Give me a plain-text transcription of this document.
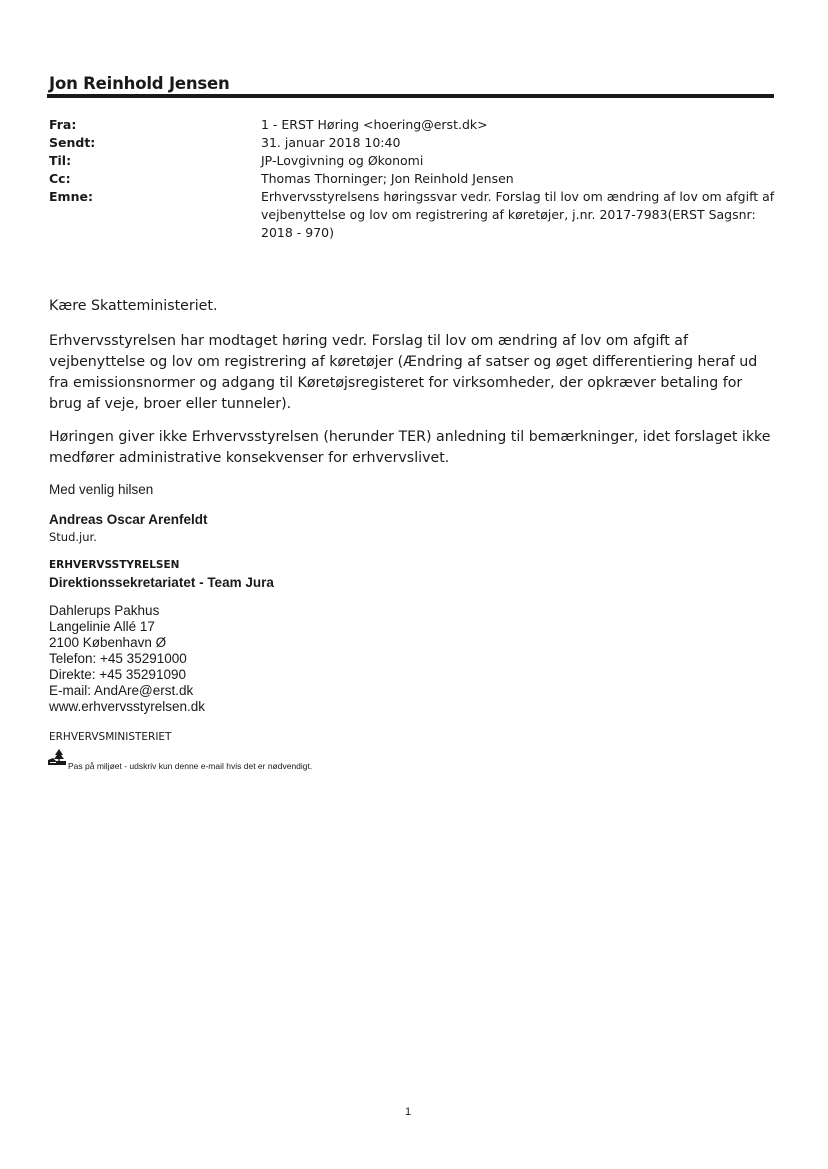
Jon Reinhold Jensen
Fra:	1 - ERST Høring <hoering@erst.dk>
Sendt:	31. januar 2018 10:40
Til:	JP-Lovgivning og Økonomi
Cc:	Thomas Thorninger; Jon Reinhold Jensen
Emne:	Erhvervsstyrelsens høringssvar vedr. Forslag til lov om ændring af lov om afgift af vejbenyttelse og lov om registrering af køretøjer, j.nr. 2017-7983(ERST Sagsnr: 2018 - 970)
Kære Skatteministeriet.
Erhvervsstyrelsen har modtaget høring vedr. Forslag til lov om ændring af lov om afgift af vejbenyttelse og lov om registrering af køretøjer (Ændring af satser og øget differentiering heraf ud fra emissionsnormer og adgang til Køretøjsregisteret for virksomheder, der opkræver betaling for brug af veje, broer eller tunneler).
Høringen giver ikke Erhvervsstyrelsen (herunder TER) anledning til bemærkninger, idet forslaget ikke medfører administrative konsekvenser for erhvervslivet.
Med venlig hilsen
Andreas Oscar Arenfeldt
Stud.jur.
ERHVERVSSTYRELSEN
Direktionssekretariatet - Team Jura
Dahlerups Pakhus
Langelinie Allé 17
2100 København Ø
Telefon: +45 35291000
Direkte: +45 35291090
E-mail: AndAre@erst.dk
www.erhvervsstyrelsen.dk
ERHVERVSMINISTERIET
Pas på miljøet - udskriv kun denne e-mail hvis det er nødvendigt.
1
